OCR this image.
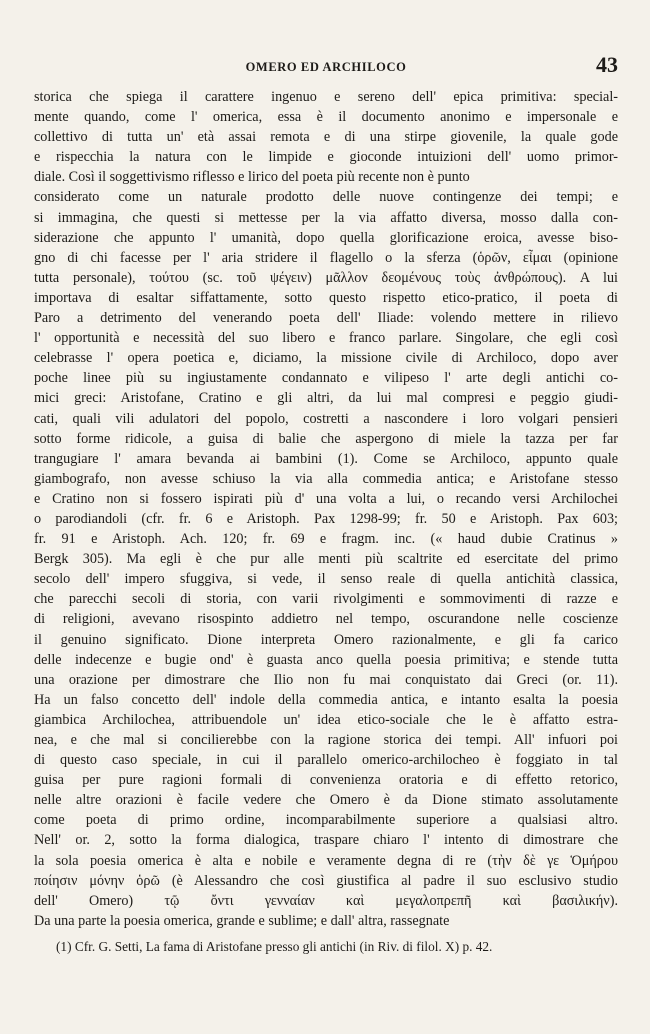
OMERO ED ARCHILOCO	43
storica che spiega il carattere ingenuo e sereno dell' epica primitiva: special-
mente quando, come l' omerica, essa è il documento anonimo e impersonale e
collettivo di tutta un' età assai remota e di una stirpe giovenile, la quale gode
e rispecchia la natura con le limpide e gioconde intuizioni dell' uomo primor-
diale. Così il soggettivismo riflesso e lirico del poeta più recente non è punto
considerato come un naturale prodotto delle nuove contingenze dei tempi; e
si immagina, che questi si mettesse per la via affatto diversa, mosso dalla con-
siderazione che appunto l' umanità, dopo quella glorificazione eroica, avesse biso-
gno di chi facesse per l' aria stridere il flagello o la sferza (ὁρῶν, εἶμαι (opinione
tutta personale), τούτου (sc. τοῦ ψέγειν) μᾶλλον δεομένους τοὺς ἀνθρώπους). A lui
importava di esaltar siffattamente, sotto questo rispetto etico-pratico, il poeta di
Paro a detrimento del venerando poeta dell' Iliade: volendo mettere in rilievo
l' opportunità e necessità del suo libero e franco parlare. Singolare, che egli così
celebrasse l' opera poetica e, diciamo, la missione civile di Archiloco, dopo aver
poche linee più su ingiustamente condannato e vilipeso l' arte degli antichi co-
mici greci: Aristofane, Cratino e gli altri, da lui mal compresi e peggio giudi-
cati, quali vili adulatori del popolo, costretti a nascondere i loro volgari pensieri
sotto forme ridicole, a guisa di balie che aspergono di miele la tazza per far
trangugiare l' amara bevanda ai bambini (1). Come se Archiloco, appunto quale
giambografo, non avesse schiuso la via alla commedia antica; e Aristofane stesso
e Cratino non si fossero ispirati più d' una volta a lui, o recando versi Archilochei
o parodiandoli (cfr. fr. 6 e Aristoph. Pax 1298-99; fr. 50 e Aristoph. Pax 603;
fr. 91 e Aristoph. Ach. 120; fr. 69 e fragm. inc. (« haud dubie Cratinus »
Bergk 305). Ma egli è che pur alle menti più scaltrite ed esercitate del primo
secolo dell' impero sfuggiva, si vede, il senso reale di quella antichità classica,
che parecchi secoli di storia, con varii rivolgimenti e sommovimenti di razze e
di religioni, avevano risospinto addietro nel tempo, oscurandone nelle coscienze
il genuino significato. Dione interpreta Omero razionalmente, e gli fa carico
delle indecenze e bugie ond' è guasta anco quella poesia primitiva; e stende tutta
una orazione per dimostrare che Ilio non fu mai conquistato dai Greci (or. 11).
Ha un falso concetto dell' indole della commedia antica, e intanto esalta la poesia
giambica Archilochea, attribuendole un' idea etico-sociale che le è affatto estra-
nea, e che mal si concilierebbe con la ragione storica dei tempi. All' infuori poi
di questo caso speciale, in cui il parallelo omerico-archilocheo è foggiato in tal
guisa per pure ragioni formali di convenienza oratoria e di effetto retorico,
nelle altre orazioni è facile vedere che Omero è da Dione stimato assolutamente
come poeta di primo ordine, incomparabilmente superiore a qualsiasi altro.
Nell' or. 2, sotto la forma dialogica, traspare chiaro l' intento di dimostrare che
la sola poesia omerica è alta e nobile e veramente degna di re (τὴν δὲ γε Ὁμήρου
ποίησιν μόνην ὁρῶ (è Alessandro che così giustifica al padre il suo esclusivo studio
dell' Omero) τῷ ὄντι γενναίαν καὶ μεγαλοπρεπῆ καὶ βασιλικήν).
Da una parte la poesia omerica, grande e sublime; e dall' altra, rassegnate
(1) Cfr. G. Setti, La fama di Aristofane presso gli antichi (in Riv. di filol. X) p. 42.
